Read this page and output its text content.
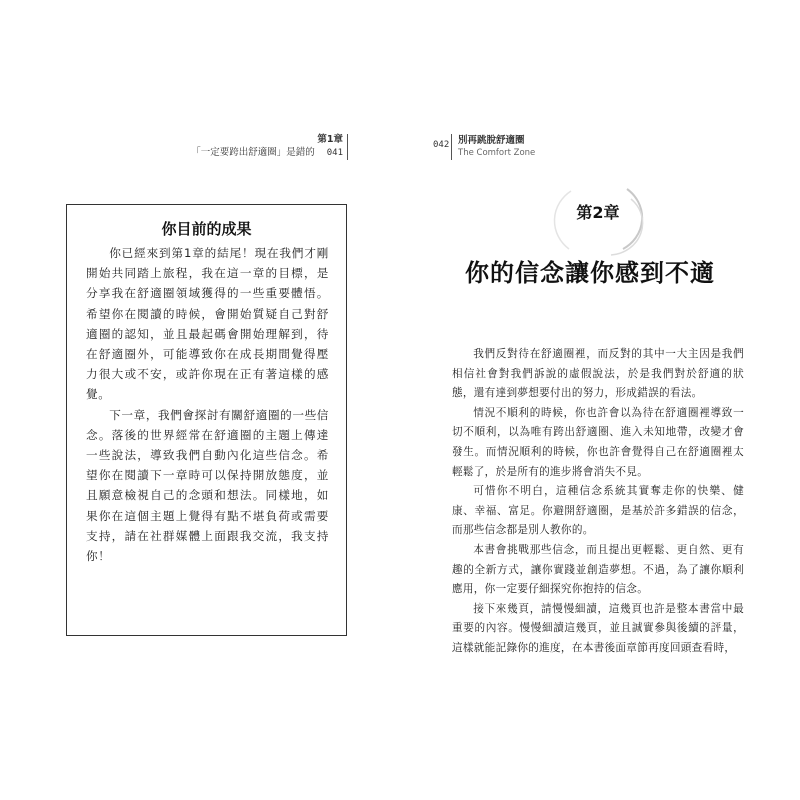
第1章
「一定要跨出舒適圈」是錯的 041
042 別再跳脫舒適圈
The Comfort Zone
你目前的成果

你已經來到第1章的結尾！現在我們才剛開始共同踏上旅程，我在這一章的目標，是分享我在舒適圈領域獲得的一些重要體悟。希望你在閱讀的時候，會開始質疑自己對舒適圈的認知，並且最起碼會開始理解到，待在舒適圈外，可能導致你在成長期間覺得壓力很大或不安，或許你現在正有著這樣的感覺。

下一章，我們會探討有關舒適圈的一些信念。落後的世界經常在舒適圈的主題上傳達一些說法，導致我們自動內化這些信念。希望你在閱讀下一章時可以保持開放態度，並且願意檢視自己的念頭和想法。同樣地，如果你在這個主題上覺得有點不堪負荷或需要支持，請在社群媒體上面跟我交流，我支持你！

第2章
你的信念讓你感到不適

我們反對待在舒適圈裡，而反對的其中一大主因是我們相信社會對我們訴說的虛假說法，於是我們對於舒適的狀態，還有達到夢想要付出的努力，形成錯誤的看法。

情況不順利的時候，你也許會以為待在舒適圈裡導致一切不順利，以為唯有跨出舒適圈、進入未知地帶，改變才會發生。而情況順利的時候，你也許會覺得自己在舒適圈裡太輕鬆了，於是所有的進步將會消失不見。

可惜你不明白，這種信念系統其實奪走你的快樂、健康、幸福、富足。你避開舒適圈，是基於許多錯誤的信念，而那些信念都是別人教你的。

本書會挑戰那些信念，而且提出更輕鬆、更自然、更有趣的全新方式，讓你實踐並創造夢想。不過，為了讓你順利應用，你一定要仔細探究你抱持的信念。

接下來幾頁，請慢慢細讀，這幾頁也許是整本書當中最重要的內容。慢慢細讀這幾頁，並且誠實參與後續的評量，這樣就能記錄你的進度，在本書後面章節再度回頭查看時，
